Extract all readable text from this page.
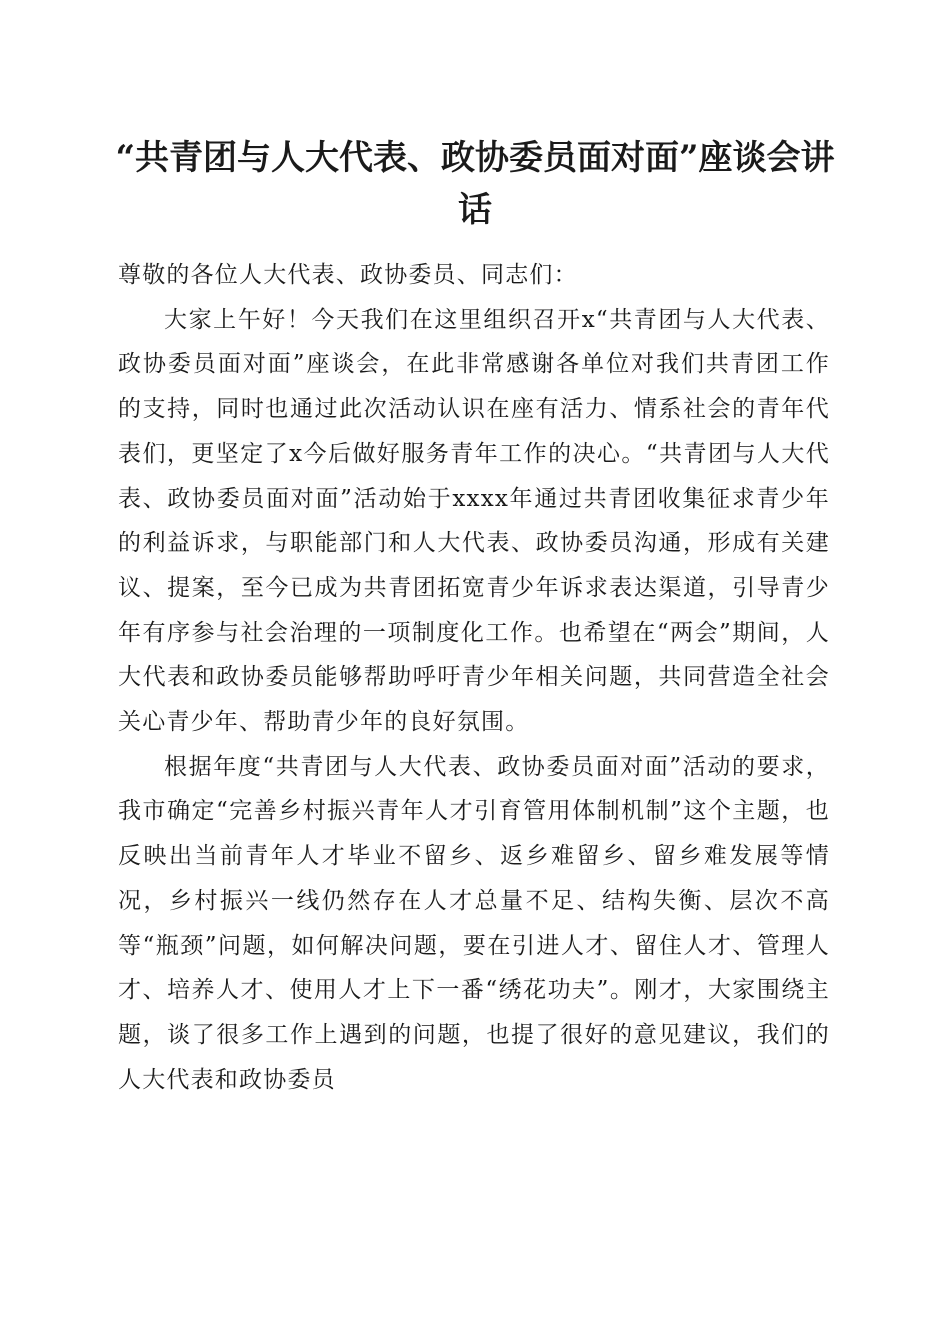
“共青团与人大代表、政协委员面对面”座谈会讲话

尊敬的各位人大代表、政协委员、同志们：

大家上午好！今天我们在这里组织召开x“共青团与人大代表、政协委员面对面”座谈会，在此非常感谢各单位对我们共青团工作的支持，同时也通过此次活动认识在座有活力、情系社会的青年代表们，更坚定了x今后做好服务青年工作的决心。“共青团与人大代表、政协委员面对面”活动始于xxxx年通过共青团收集征求青少年的利益诉求，与职能部门和人大代表、政协委员沟通，形成有关建议、提案，至今已成为共青团拓宽青少年诉求表达渠道，引导青少年有序参与社会治理的一项制度化工作。也希望在“两会”期间，人大代表和政协委员能够帮助呼吁青少年相关问题，共同营造全社会关心青少年、帮助青少年的良好氛围。

根据年度“共青团与人大代表、政协委员面对面”活动的要求，我市确定“完善乡村振兴青年人才引育管用体制机制”这个主题，也反映出当前青年人才毕业不留乡、返乡难留乡、留乡难发展等情况，乡村振兴一线仍然存在人才总量不足、结构失衡、层次不高等“瓶颈”问题，如何解决问题，要在引进人才、留住人才、管理人才、培养人才、使用人才上下一番“绣花功夫”。刚才，大家围绕主题，谈了很多工作上遇到的问题，也提了很好的意见建议，我们的人大代表和政协委员
